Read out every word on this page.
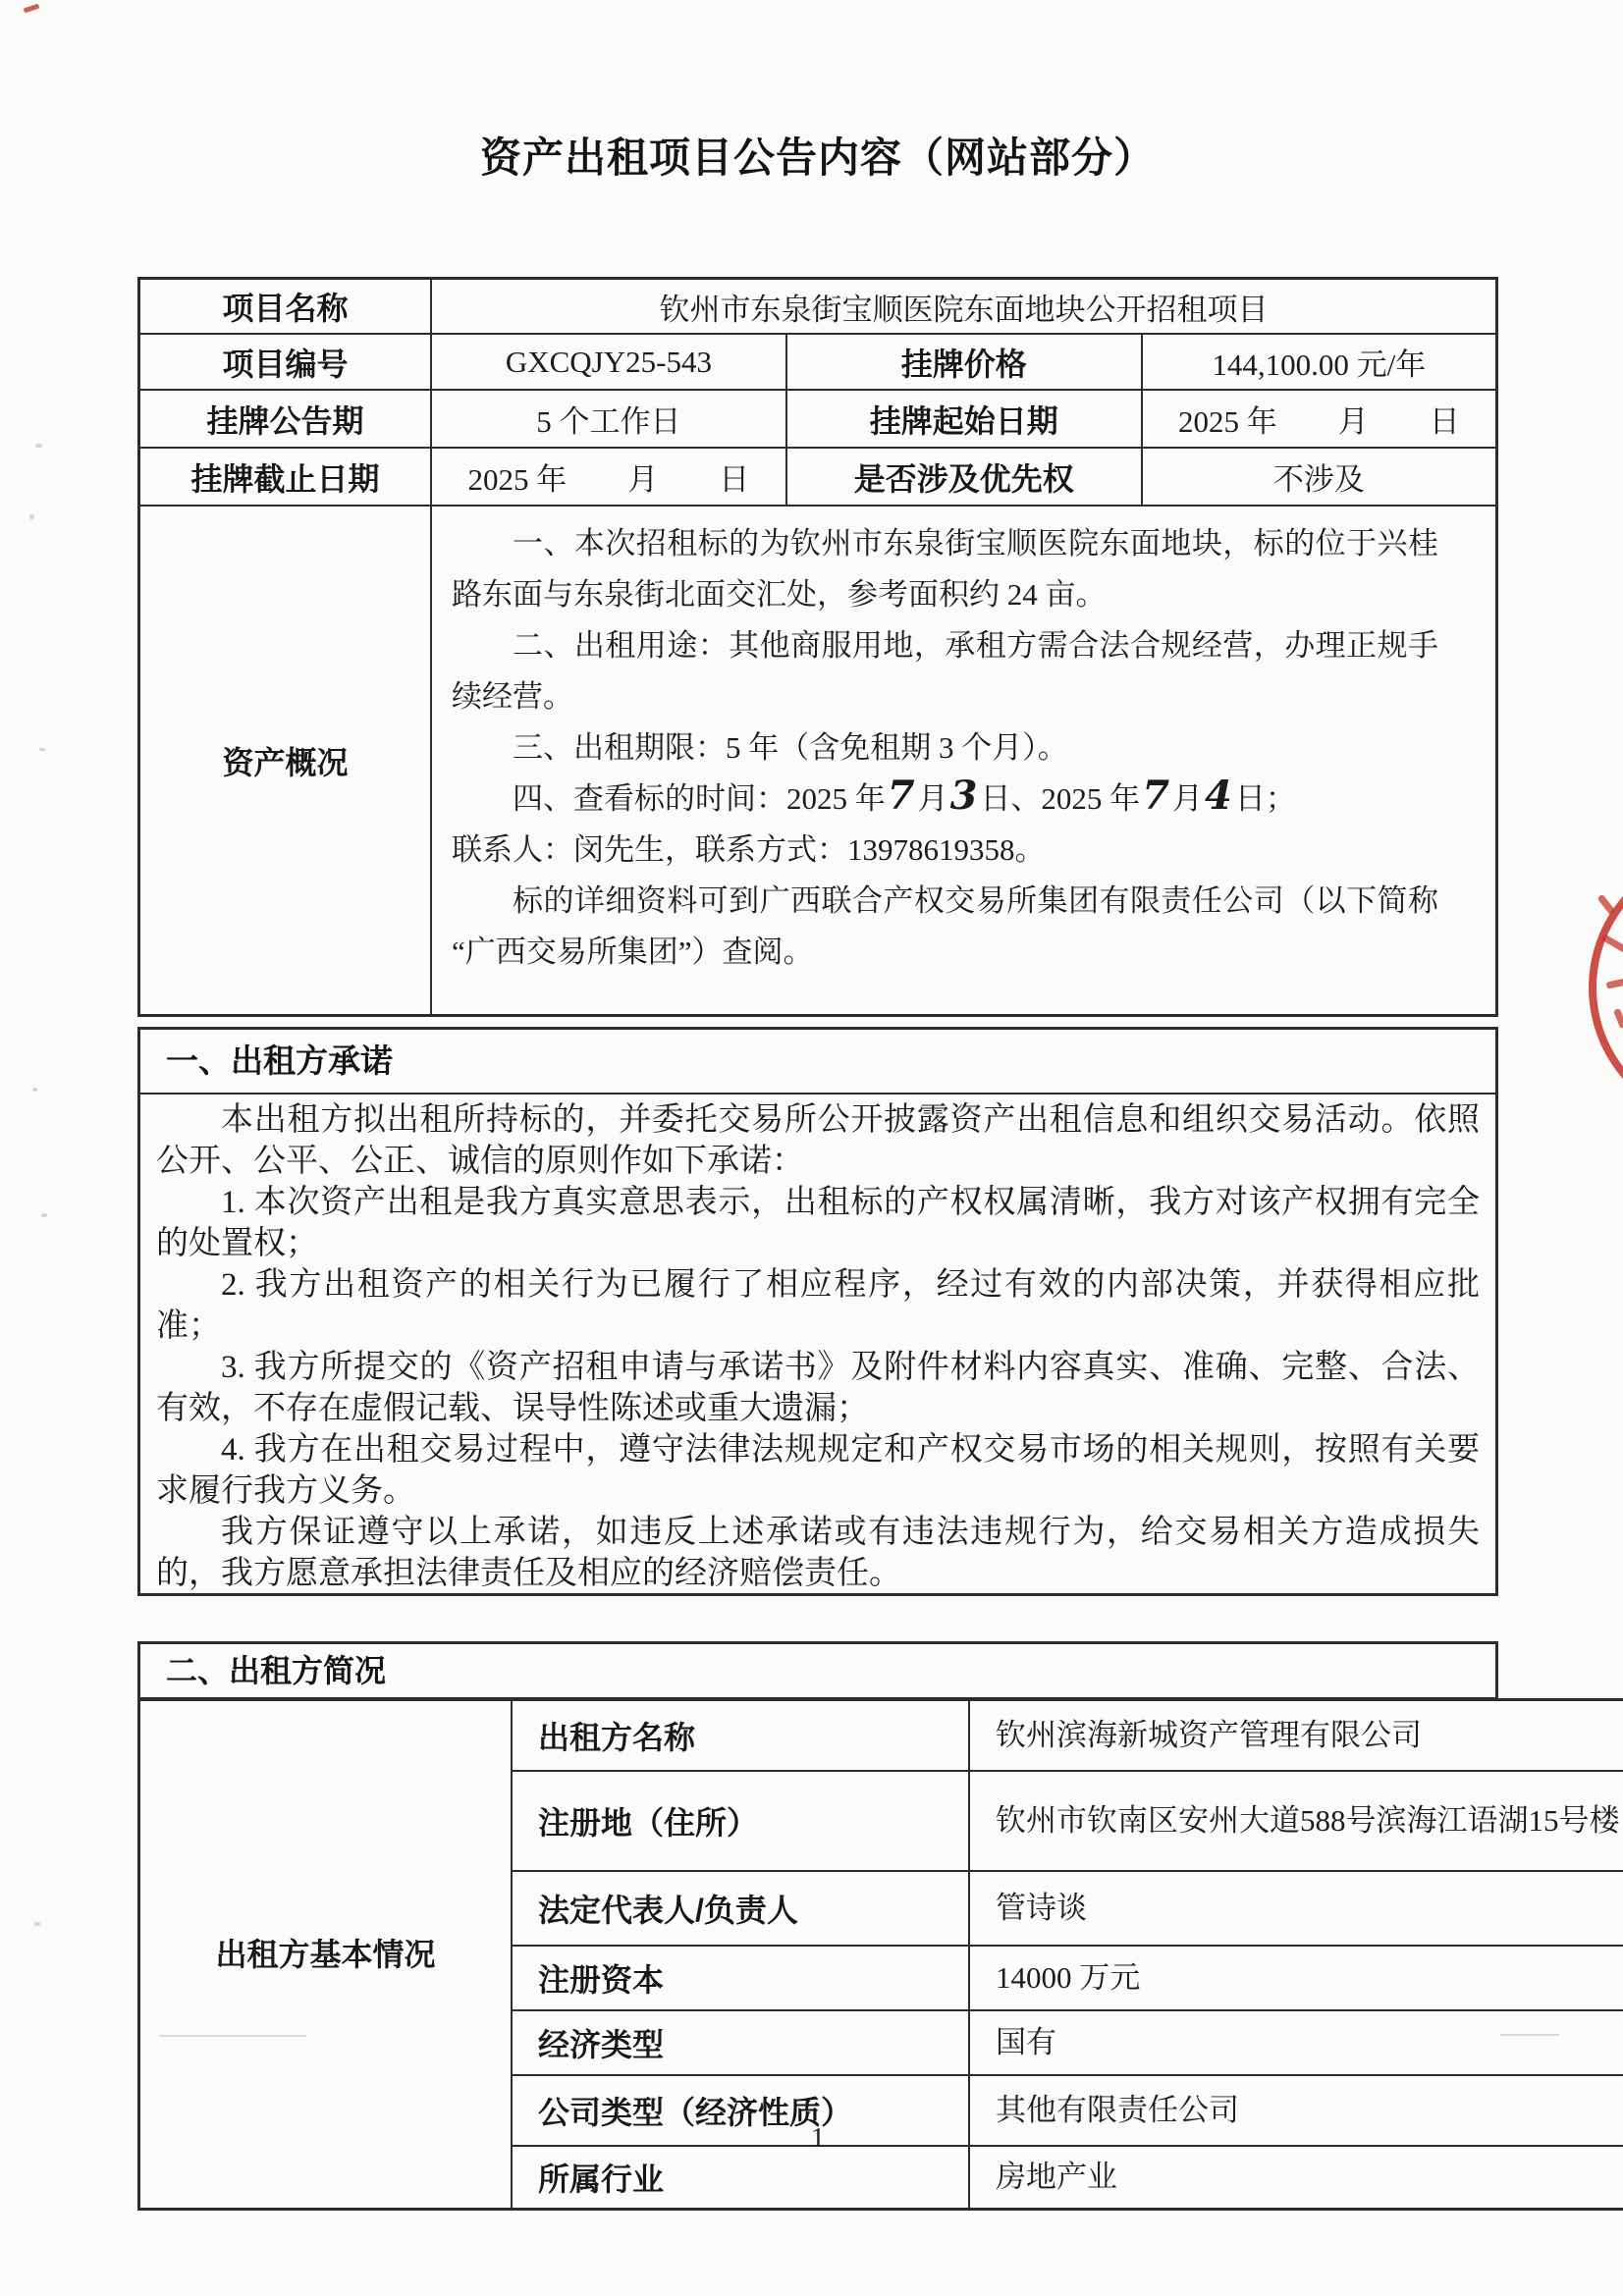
资产出租项目公告内容（网站部分）
项目名称	钦州市东泉街宝顺医院东面地块公开招租项目		
项目编号	GXCQJY25-543	挂牌价格	144,100.00 元/年
挂牌公告期	5 个工作日	挂牌起始日期	2025 年　　月　　日
挂牌截止日期	2025 年　　月　　日	是否涉及优先权	不涉及
资产概况	

一、本次招租标的为钦州市东泉街宝顺医院东面地块，标的位于兴桂路东面与东泉街北面交汇处，参考面积约 24 亩。

二、出租用途：其他商服用地，承租方需合法合规经营，办理正规手续经营。

三、出租期限：5 年（含免租期 3 个月）。

四、查看标的时间：2025 年7月3日、2025 年7月4日；

联系人：闵先生，联系方式：13978619358。

标的详细资料可到广西联合产权交易所集团有限责任公司（以下简称“广西交易所集团”）查阅。

一、出租方承诺

本出租方拟出租所持标的，并委托交易所公开披露资产出租信息和组织交易活动。依照公开、公平、公正、诚信的原则作如下承诺：

1. 本次资产出租是我方真实意思表示，出租标的产权权属清晰，我方对该产权拥有完全的处置权；

2. 我方出租资产的相关行为已履行了相应程序，经过有效的内部决策，并获得相应批准；

3. 我方所提交的《资产招租申请与承诺书》及附件材料内容真实、准确、完整、合法、有效，不存在虚假记载、误导性陈述或重大遗漏；

4. 我方在出租交易过程中，遵守法律法规规定和产权交易市场的相关规则，按照有关要求履行我方义务。

我方保证遵守以上承诺，如违反上述承诺或有违法违规行为，给交易相关方造成损失的，我方愿意承担法律责任及相应的经济赔偿责任。

二、出租方简况
出租方基本情况	出租方名称	钦州滨海新城资产管理有限公司
	注册地（住所）	钦州市钦南区安州大道588号滨海江语湖15号楼
	法定代表人/负责人	管诗谈
	注册资本	14000 万元
	经济类型	国有
	公司类型（经济性质）	其他有限责任公司
	所属行业	房地产业
1
